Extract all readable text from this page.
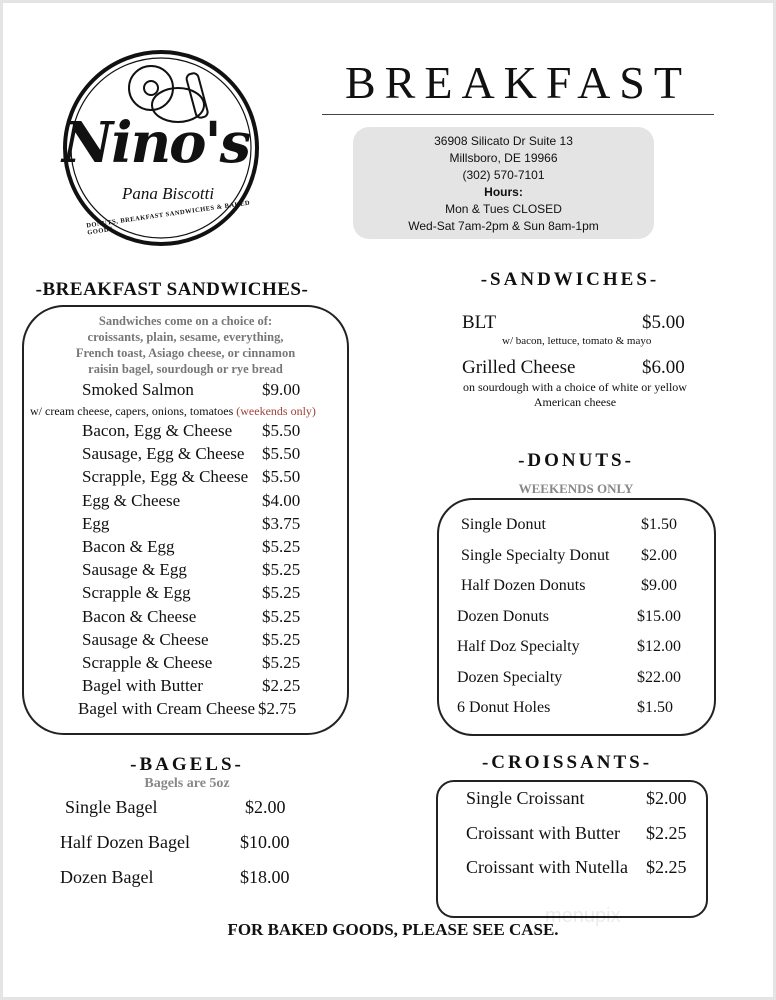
Nino's
Pana Biscotti
DONUTS, BREAKFAST SANDWICHES & BAKED GOODS
BREAKFAST
36908 Silicato Dr Suite 13
Millsboro, DE 19966
(302) 570-7101
Hours:
Mon & Tues CLOSED
Wed-Sat 7am-2pm & Sun 8am-1pm
-BREAKFAST SANDWICHES-
Sandwiches come on a choice of:
croissants, plain, sesame, everything,
French toast, Asiago cheese, or cinnamon
raisin bagel, sourdough or rye bread
Smoked Salmon	$9.00
w/ cream cheese, capers, onions, tomatoes (weekends only)
Bacon, Egg & Cheese $5.50
Sausage, Egg & Cheese $5.50
Scrapple, Egg & Cheese $5.50
Egg & Cheese	$4.00
Egg	$3.75
Bacon & Egg	$5.25
Sausage & Egg	$5.25
Scrapple & Egg	$5.25
Bacon & Cheese	$5.25
Sausage & Cheese	$5.25
Scrapple & Cheese	$5.25
Bagel with Butter	$2.25
Bagel with Cream Cheese $2.75
-SANDWICHES-
BLT	$5.00
w/ bacon, lettuce, tomato & mayo
Grilled Cheese	$6.00
on sourdough with a choice of white or yellow
American cheese
-DONUTS-
WEEKENDS ONLY
Single Donut	$1.50
Single Specialty Donut $2.00
Half Dozen Donuts	$9.00
Dozen Donuts	$15.00
Half Doz Specialty	$12.00
Dozen Specialty	$22.00
6 Donut Holes	$1.50
-BAGELS-
Bagels are 5oz
Single Bagel	$2.00
Half Dozen Bagel	$10.00
Dozen Bagel	$18.00
-CROISSANTS-
Single Croissant	$2.00
Croissant with Butter $2.25
Croissant with Nutella $2.25
FOR BAKED GOODS, PLEASE SEE CASE.
menupix
